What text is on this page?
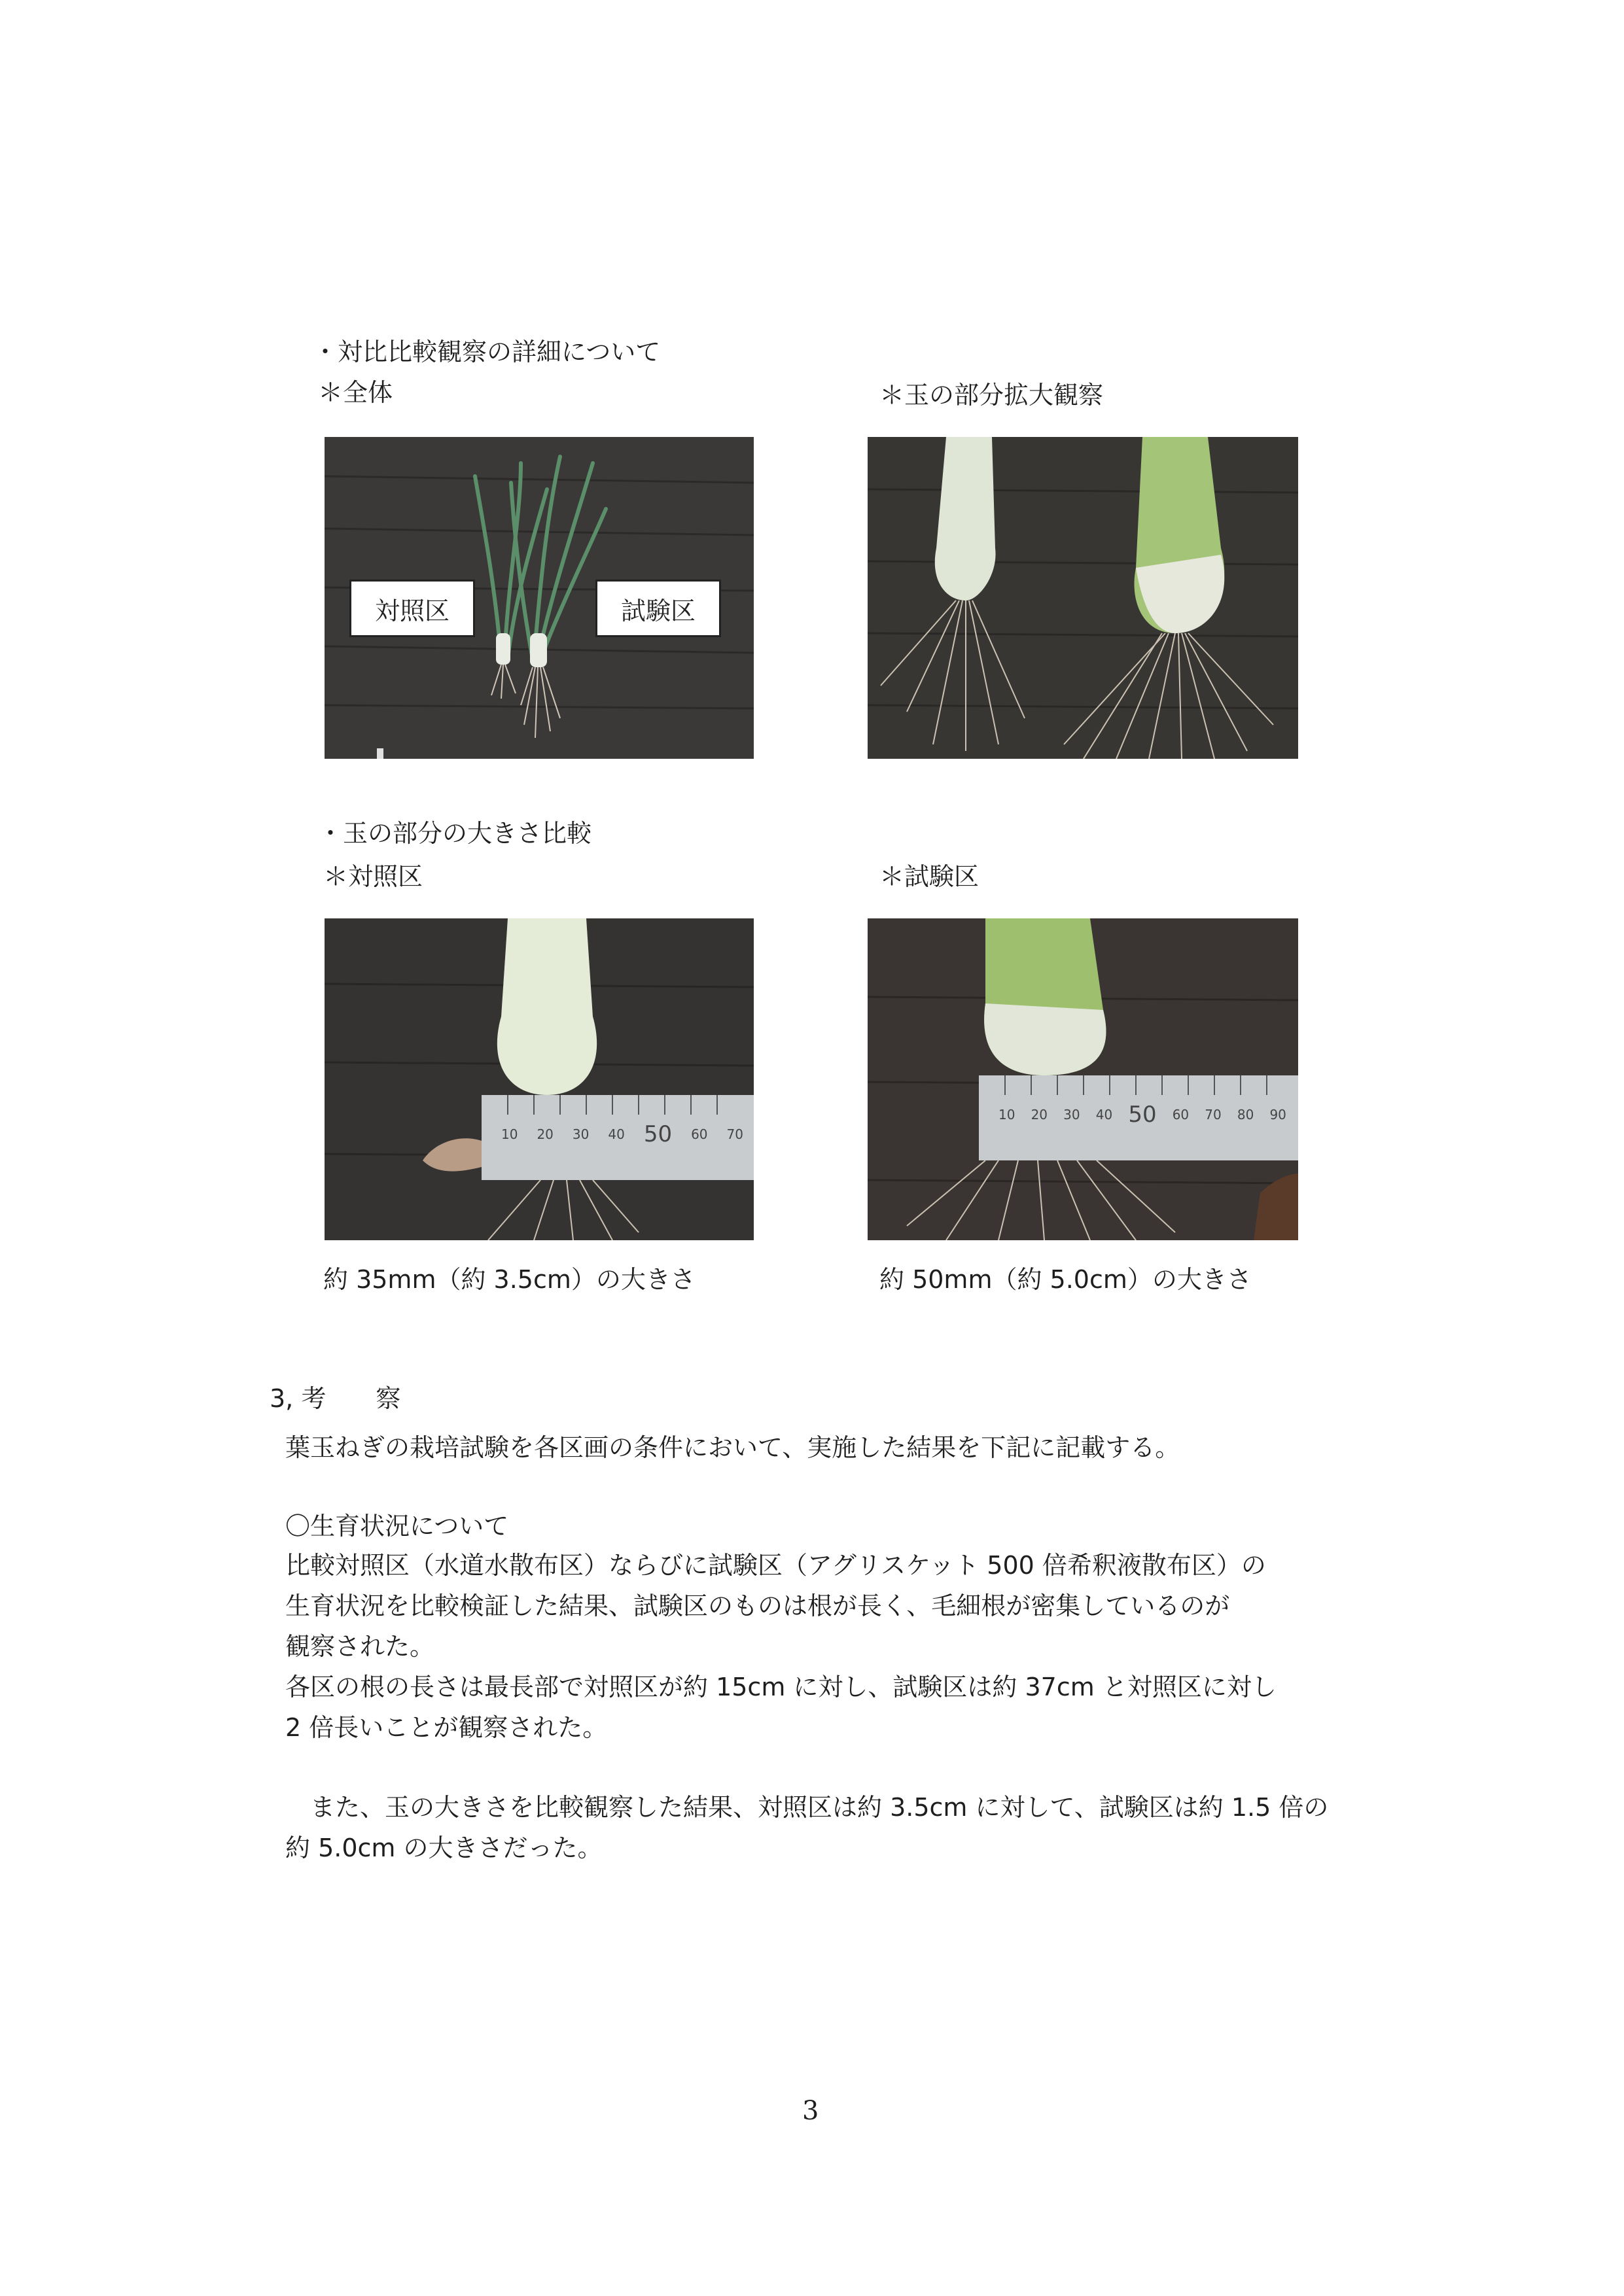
・対比比較観察の詳細について
＊全体	＊玉の部分拡大観察
対照区	試験区
・玉の部分の大きさ比較
＊対照区	＊試験区
10 20 30 40 50 60 70
10 20 30 40 50 60 70 80 90
約 35mm（約 3.5cm）の大きさ	約 50mm（約 5.0cm）の大きさ
3, 考　　察
葉玉ねぎの栽培試験を各区画の条件において、実施した結果を下記に記載する。
〇生育状況について
比較対照区（水道水散布区）ならびに試験区（アグリスケット 500 倍希釈液散布区）の
生育状況を比較検証した結果、試験区のものは根が長く、毛細根が密集しているのが
観察された。
各区の根の長さは最長部で対照区が約 15cm に対し、試験区は約 37cm と対照区に対し
2 倍長いことが観察された。
　また、玉の大きさを比較観察した結果、対照区は約 3.5cm に対して、試験区は約 1.5 倍の
約 5.0cm の大きさだった。
3
